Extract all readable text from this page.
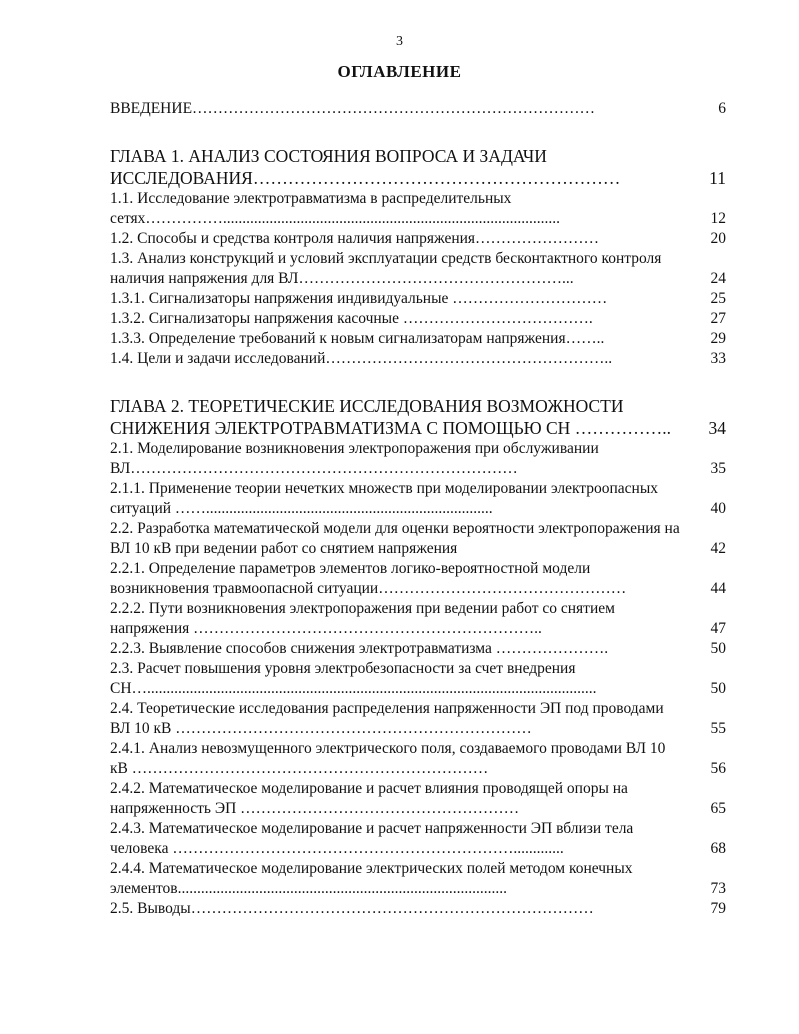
3
ОГЛАВЛЕНИЕ
ВВЕДЕНИЕ……………………………………………………………………	6
ГЛАВА 1. АНАЛИЗ СОСТОЯНИЯ ВОПРОСА И ЗАДАЧИ ИССЛЕДОВАНИЯ………………………………………………………	11
1.1. Исследование электротравматизма в распределительных сетях…………….......................................................................................	12
1.2. Способы и средства контроля наличия напряжения……………………	20
1.3. Анализ конструкций и условий эксплуатации средств бесконтактного контроля наличия напряжения для ВЛ……………………………………………...	24
1.3.1. Сигнализаторы напряжения индивидуальные …………………………	25
1.3.2. Сигнализаторы напряжения касочные ……………………………….	27
1.3.3. Определение требований к новым сигнализаторам напряжения……..	29
1.4. Цели и задачи исследований………………………………………………..	33
ГЛАВА 2. ТЕОРЕТИЧЕСКИЕ ИССЛЕДОВАНИЯ ВОЗМОЖНОСТИ СНИЖЕНИЯ ЭЛЕКТРОТРАВМАТИЗМА С ПОМОЩЬЮ СН ……………..	34
2.1. Моделирование возникновения электропоражения при обслуживании ВЛ…………………………………………………………………	35
2.1.1. Применение теории нечетких множеств при моделировании электроопасных ситуаций ……..........................................................................	40
2.2. Разработка математической модели для оценки вероятности электропоражения на ВЛ 10 кВ при ведении работ со снятием напряжения	42
2.2.1. Определение параметров элементов логико-вероятностной модели возникновения травмоопасной ситуации…………………………………………	44
2.2.2. Пути возникновения электропоражения при ведении работ со снятием напряжения …………………………………………………………..	47
2.2.3. Выявление способов снижения электротравматизма ………………….	50
2.3. Расчет повышения уровня электробезопасности за счет внедрения СН…....................................................................................................................	50
2.4. Теоретические исследования распределения напряженности ЭП под проводами ВЛ 10 кВ ……………………………………………………………	55
2.4.1. Анализ невозмущенного электрического поля, создаваемого проводами ВЛ 10 кВ ……………………………………………………………	56
2.4.2. Математическое моделирование и расчет влияния проводящей опоры на напряженность ЭП ………………………………………………	65
2.4.3. Математическое моделирование и расчет напряженности ЭП вблизи тела человека ………………………………………………………….............	68
2.4.4. Математическое моделирование электрических полей методом конечных элементов.....................................................................................	73
2.5. Выводы……………………………………………………………………	79
